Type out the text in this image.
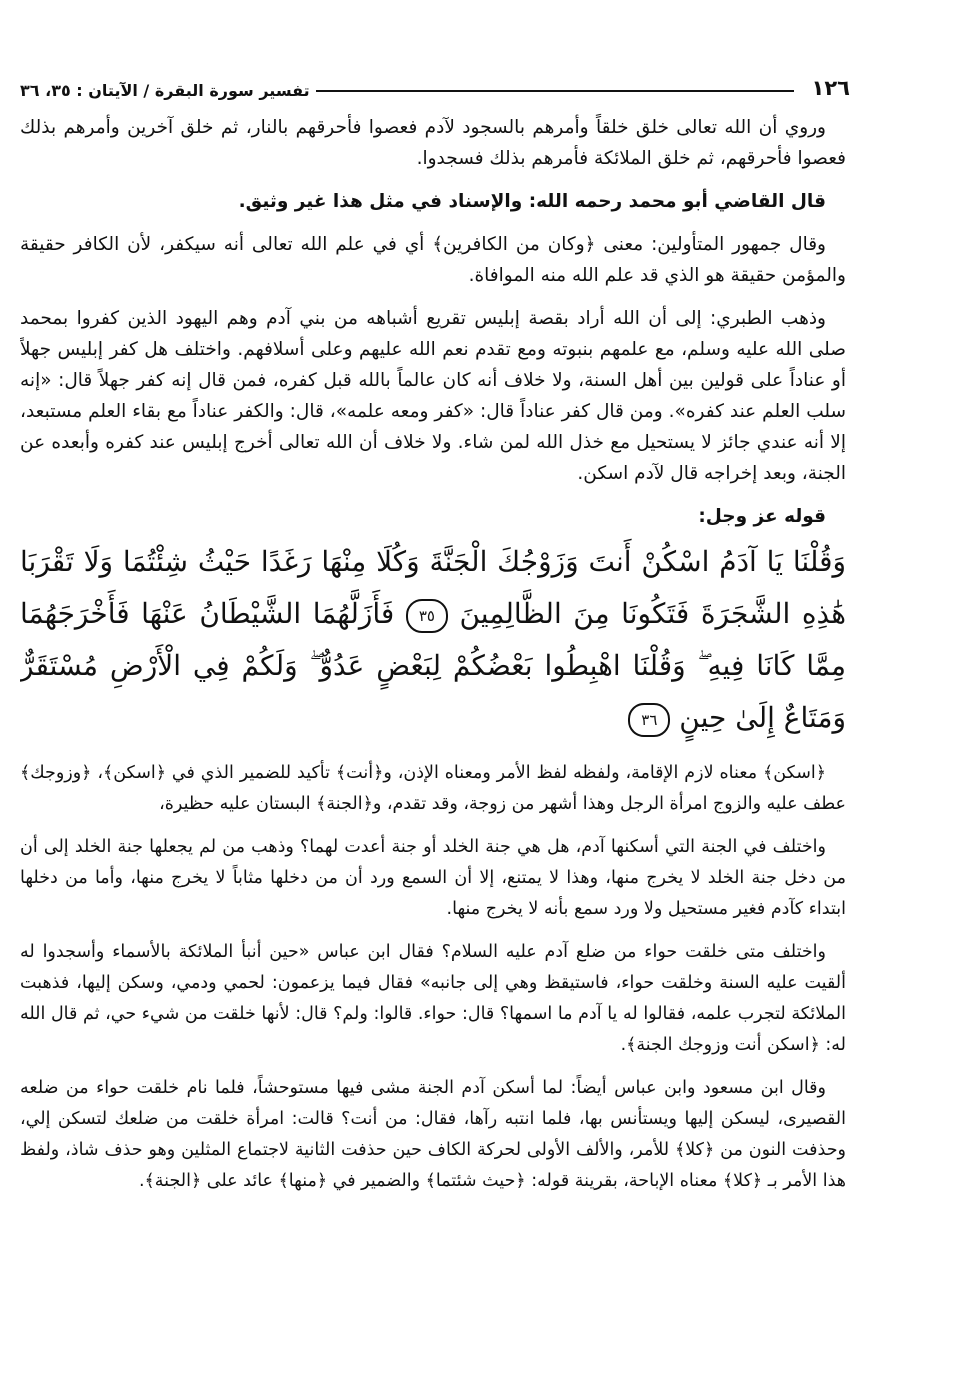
١٢٦
تفسير سورة البقرة / الآيتان : ٣٥، ٣٦

وروي أن الله تعالى خلق خلقاً وأمرهم بالسجود لآدم فعصوا فأحرقهم بالنار، ثم خلق آخرين وأمرهم بذلك فعصوا فأحرقهم، ثم خلق الملائكة فأمرهم بذلك فسجدوا.

قال القاضي أبو محمد رحمه الله: والإسناد في مثل هذا غير وثيق.

وقال جمهور المتأولين: معنى ﴿وكان من الكافرين﴾ أي في علم الله تعالى أنه سيكفر، لأن الكافر حقيقة والمؤمن حقيقة هو الذي قد علم الله منه الموافاة.

وذهب الطبري: إلى أن الله أراد بقصة إبليس تقريع أشباهه من بني آدم وهم اليهود الذين كفروا بمحمد صلى الله عليه وسلم، مع علمهم بنبوته ومع تقدم نعم الله عليهم وعلى أسلافهم. واختلف هل كفر إبليس جهلاً أو عناداً على قولين بين أهل السنة، ولا خلاف أنه كان عالماً بالله قبل كفره، فمن قال إنه كفر جهلاً قال: «إنه سلب العلم عند كفره». ومن قال كفر عناداً قال: «كفر ومعه علمه»، قال: والكفر عناداً مع بقاء العلم مستبعد، إلا أنه عندي جائز لا يستحيل مع خذل الله لمن شاء. ولا خلاف أن الله تعالى أخرج إبليس عند كفره وأبعده عن الجنة، وبعد إخراجه قال لآدم اسكن.

قوله عز وجل:

وَقُلْنَا يَا آدَمُ اسْكُنْ أَنتَ وَزَوْجُكَ الْجَنَّةَ وَكُلَا مِنْهَا رَغَدًا حَيْثُ شِئْتُمَا وَلَا تَقْرَبَا هَٰذِهِ الشَّجَرَةَ فَتَكُونَا مِنَ الظَّالِمِينَ ٣٥ فَأَزَلَّهُمَا الشَّيْطَانُ عَنْهَا فَأَخْرَجَهُمَا مِمَّا كَانَا فِيهِ ۖ وَقُلْنَا اهْبِطُوا بَعْضُكُمْ لِبَعْضٍ عَدُوٌّ ۖ وَلَكُمْ فِي الْأَرْضِ مُسْتَقَرٌّ وَمَتَاعٌ إِلَىٰ حِينٍ ٣٦

﴿اسكن﴾ معناه لازم الإقامة، ولفظه لفظ الأمر ومعناه الإذن، و﴿أنت﴾ تأكيد للضمير الذي في ﴿اسكن﴾، ﴿وزوجك﴾ عطف عليه والزوج امرأة الرجل وهذا أشهر من زوجة، وقد تقدم، و﴿الجنة﴾ البستان عليه حظيرة،

واختلف في الجنة التي أسكنها آدم، هل هي جنة الخلد أو جنة أعدت لهما؟ وذهب من لم يجعلها جنة الخلد إلى أن من دخل جنة الخلد لا يخرج منها، وهذا لا يمتنع، إلا أن السمع ورد أن من دخلها مثاباً لا يخرج منها، وأما من دخلها ابتداء كآدم فغير مستحيل ولا ورد سمع بأنه لا يخرج منها.

واختلف متى خلقت حواء من ضلع آدم عليه السلام؟ فقال ابن عباس «حين أنبأ الملائكة بالأسماء وأسجدوا له ألقيت عليه السنة وخلقت حواء، فاستيقظ وهي إلى جانبه» فقال فيما يزعمون: لحمي ودمي، وسكن إليها، فذهبت الملائكة لتجرب علمه، فقالوا له يا آدم ما اسمها؟ قال: حواء. قالوا: ولم؟ قال: لأنها خلقت من شيء حي، ثم قال الله له: ﴿اسكن أنت وزوجك الجنة﴾.

وقال ابن مسعود وابن عباس أيضاً: لما أسكن آدم الجنة مشى فيها مستوحشاً، فلما نام خلقت حواء من ضلعه القصيرى، ليسكن إليها ويستأنس بها، فلما انتبه رآها، فقال: من أنت؟ قالت: امرأة خلقت من ضلعك لتسكن إلي، وحذفت النون من ﴿كلا﴾ للأمر، والألف الأولى لحركة الكاف حين حذفت الثانية لاجتماع المثلين وهو حذف شاذ، ولفظ هذا الأمر بـ ﴿كلا﴾ معناه الإباحة، بقرينة قوله: ﴿حيث شئتما﴾ والضمير في ﴿منها﴾ عائد على ﴿الجنة﴾.
